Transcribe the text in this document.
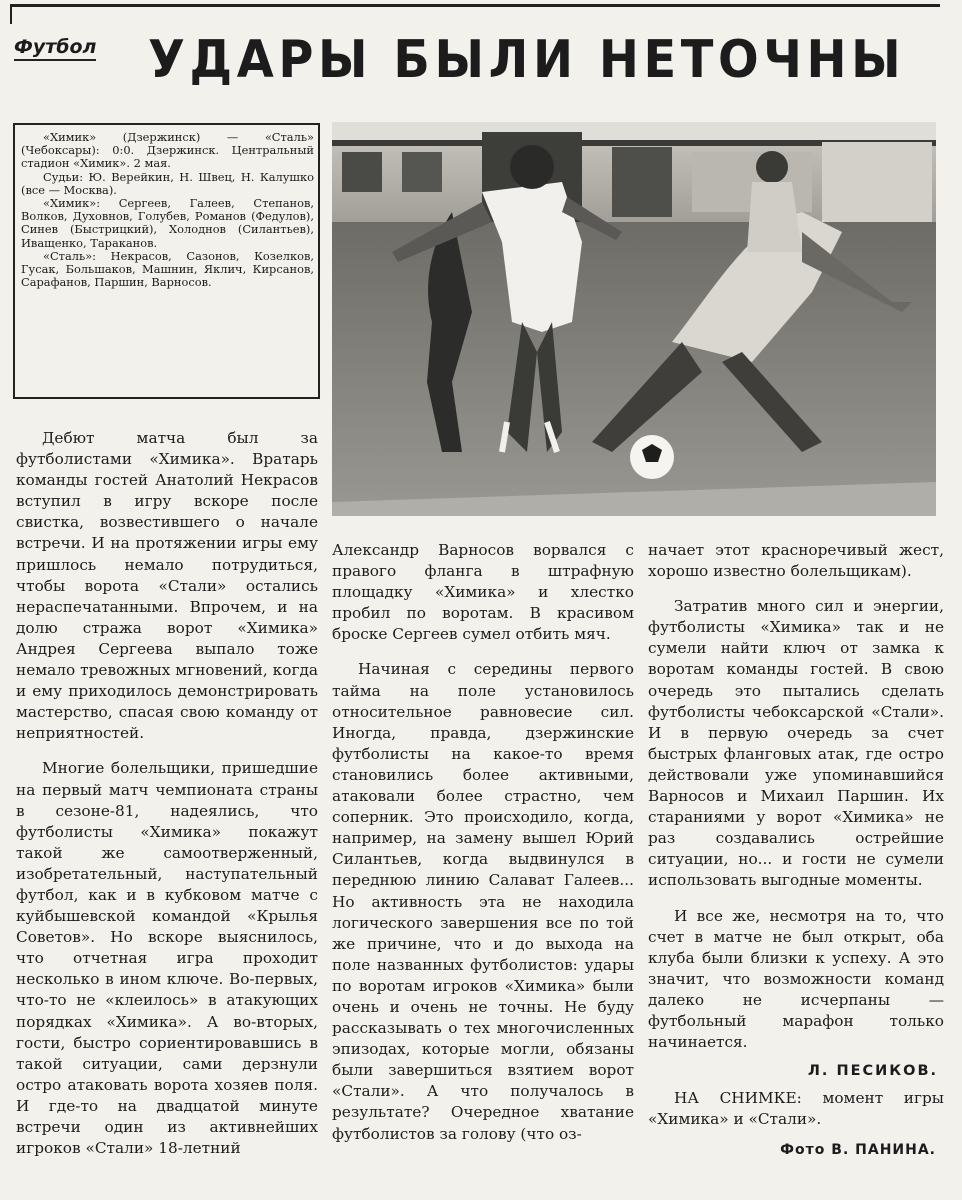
Футбол УДАРЫ БЫЛИ НЕТОЧНЫ

«Химик» (Дзержинск) — «Сталь» (Чебоксары): 0:0. Дзержинск. Центральный стадион «Химик». 2 мая.

Судьи: Ю. Верейкин, Н. Швец, Н. Калушко (все — Москва).

«Химик»: Сергеев, Галеев, Степанов, Волков, Духовнов, Голубев, Романов (Федулов), Синев (Быстрицкий), Холоднов (Силантьев), Иващенко, Тараканов.

«Сталь»: Некрасов, Сазонов, Козелков, Гусак, Большаков, Машнин, Яклич, Кирсанов, Сарафанов, Паршин, Варносов.

Дебют матча был за футболистами «Химика». Вратарь команды гостей Анатолий Некрасов вступил в игру вскоре после свистка, возвестившего о начале встречи. И на протяжении игры ему пришлось немало потрудиться, чтобы ворота «Стали» остались нераспечатанными. Впрочем, и на долю стража ворот «Химика» Андрея Сергеева выпало тоже немало тревожных мгновений, когда и ему приходилось демонстрировать мастерство, спасая свою команду от неприятностей.

Многие болельщики, пришедшие на первый матч чемпионата страны в сезоне-81, надеялись, что футболисты «Химика» покажут такой же самоотверженный, изобретательный, наступательный футбол, как и в кубковом матче с куйбышевской командой «Крылья Советов». Но вскоре выяснилось, что отчетная игра проходит несколько в ином ключе. Во-первых, что-то не «клеилось» в атакующих порядках «Химика». А во-вторых, гости, быстро сориентировавшись в такой ситуации, сами дерзнули остро атаковать ворота хозяев поля. И где-то на двадцатой минуте встречи один из активнейших игроков «Стали» 18-летний

Александр Варносов ворвался с правого фланга в штрафную площадку «Химика» и хлестко пробил по воротам. В красивом броске Сергеев сумел отбить мяч.

Начиная с середины первого тайма на поле установилось относительное равновесие сил. Иногда, правда, дзержинские футболисты на какое-то время становились более активными, атаковали более страстно, чем соперник. Это происходило, когда, например, на замену вышел Юрий Силантьев, когда выдвинулся в переднюю линию Салават Галеев... Но активность эта не находила логического завершения все по той же причине, что и до выхода на поле названных футболистов: удары по воротам игроков «Химика» были очень и очень не точны. Не буду рассказывать о тех многочисленных эпизодах, которые могли, обязаны были завершиться взятием ворот «Стали». А что получалось в результате? Очередное хватание футболистов за голову (что оз-

начает этот красноречивый жест, хорошо известно болельщикам).

Затратив много сил и энергии, футболисты «Химика» так и не сумели найти ключ от замка к воротам команды гостей. В свою очередь это пытались сделать футболисты чебоксарской «Стали». И в первую очередь за счет быстрых фланговых атак, где остро действовали уже упоминавшийся Варносов и Михаил Паршин. Их стараниями у ворот «Химика» не раз создавались острейшие ситуации, но... и гости не сумели использовать выгодные моменты.

И все же, несмотря на то, что счет в матче не был открыт, оба клуба были близки к успеху. А это значит, что возможности команд далеко не исчерпаны — футбольный марафон только начинается.

Л. ПЕСИКОВ.

НА СНИМКЕ: момент игры «Химика» и «Стали».

Фото В. ПАНИНА.
